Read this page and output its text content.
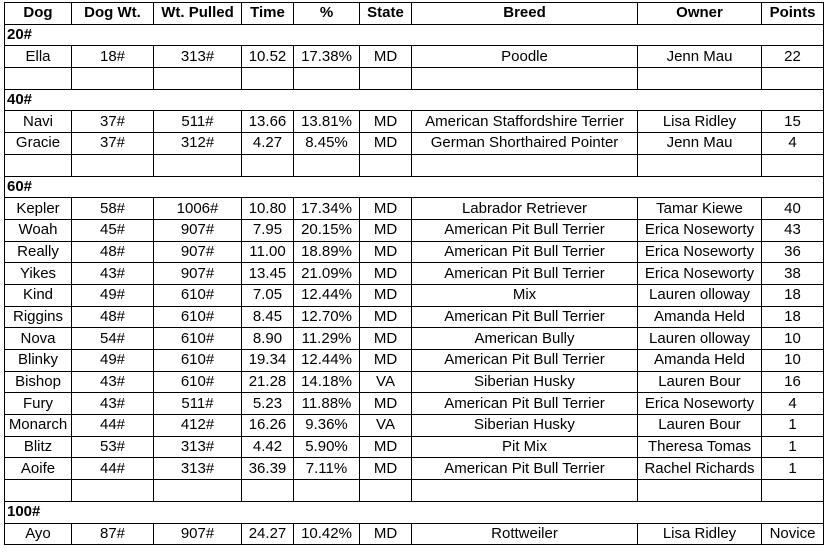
Dog	Dog Wt.	Wt. Pulled	Time	%	State	Breed	Owner	Points
20#								
Ella	18#	313#	10.52	17.38%	MD	Poodle	Jenn Mau	22

40#								
Navi	37#	511#	13.66	13.81%	MD	American Staffordshire Terrier	Lisa Ridley	15
Gracie	37#	312#	4.27	8.45%	MD	German Shorthaired Pointer	Jenn Mau	4

60#								
Kepler	58#	1006#	10.80	17.34%	MD	Labrador Retriever	Tamar Kiewe	40
Woah	45#	907#	7.95	20.15%	MD	American Pit Bull Terrier	Erica Noseworty	43
Really	48#	907#	11.00	18.89%	MD	American Pit Bull Terrier	Erica Noseworty	36
Yikes	43#	907#	13.45	21.09%	MD	American Pit Bull Terrier	Erica Noseworty	38
Kind	49#	610#	7.05	12.44%	MD	Mix	Lauren olloway	18
Riggins	48#	610#	8.45	12.70%	MD	American Pit Bull Terrier	Amanda Held	18
Nova	54#	610#	8.90	11.29%	MD	American Bully	Lauren olloway	10
Blinky	49#	610#	19.34	12.44%	MD	American Pit Bull Terrier	Amanda Held	10
Bishop	43#	610#	21.28	14.18%	VA	Siberian Husky	Lauren Bour	16
Fury	43#	511#	5.23	11.88%	MD	American Pit Bull Terrier	Erica Noseworty	4
Monarch	44#	412#	16.26	9.36%	VA	Siberian Husky	Lauren Bour	1
Blitz	53#	313#	4.42	5.90%	MD	Pit Mix	Theresa Tomas	1
Aoife	44#	313#	36.39	7.11%	MD	American Pit Bull Terrier	Rachel Richards	1

100#								
Ayo	87#	907#	24.27	10.42%	MD	Rottweiler	Lisa Ridley	Novice
